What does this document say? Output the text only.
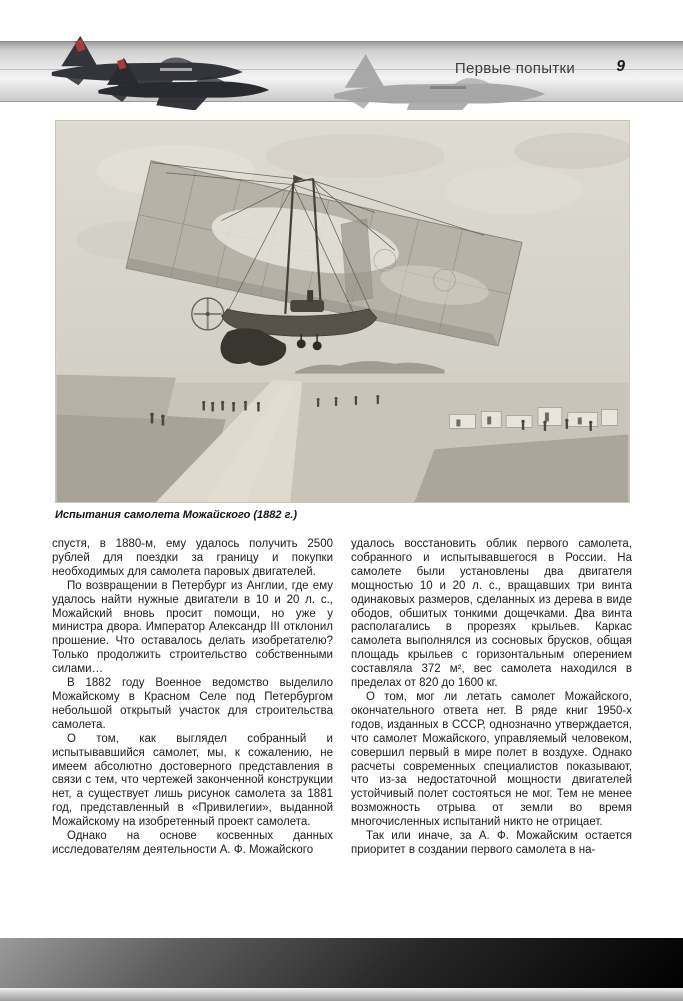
Первые попытки	9
Испытания самолета Можайского (1882 г.)

спустя, в 1880-м, ему удалось получить 2500 рублей для поездки за границу и покупки необходимых для самолета паровых двигателей.

По возвращении в Петербург из Англии, где ему удалось найти нужные двигатели в 10 и 20 л. с., Можайский вновь просит помощи, но уже у министра двора. Император Александр III отклонил прошение. Что оставалось делать изобретателю? Только продолжить строительство собственными силами…

В 1882 году Военное ведомство выделило Можайскому в Красном Селе под Петербургом небольшой открытый участок для строительства самолета.

О том, как выглядел собранный и испытывавшийся самолет, мы, к сожалению, не имеем абсолютно достоверного представления в связи с тем, что чертежей законченной конструкции нет, а существует лишь рисунок самолета за 1881 год, представленный в «Привилегии», выданной Можайскому на изобретенный проект самолета.

Однако на основе косвенных данных исследователям деятельности А. Ф. Можайского

удалось восстановить облик первого самолета, собранного и испытывавшегося в России. На самолете были установлены два двигателя мощностью 10 и 20 л. с., вращавших три винта одинаковых размеров, сделанных из дерева в виде ободов, обшитых тонкими дощечками. Два винта располагались в прорезях крыльев. Каркас самолета выполнялся из сосновых брусков, общая площадь крыльев с горизонтальным оперением составляла 372 м², вес самолета находился в пределах от 820 до 1600 кг.

О том, мог ли летать самолет Можайского, окончательного ответа нет. В ряде книг 1950-х годов, изданных в СССР, однозначно утверждается, что самолет Можайского, управляемый человеком, совершил первый в мире полет в воздухе. Однако расчеты современных специалистов показывают, что из-за недостаточной мощности двигателей устойчивый полет состояться не мог. Тем не менее возможность отрыва от земли во время многочисленных испытаний никто не отрицает.

Так или иначе, за А. Ф. Можайским остается приоритет в создании первого самолета в на-
